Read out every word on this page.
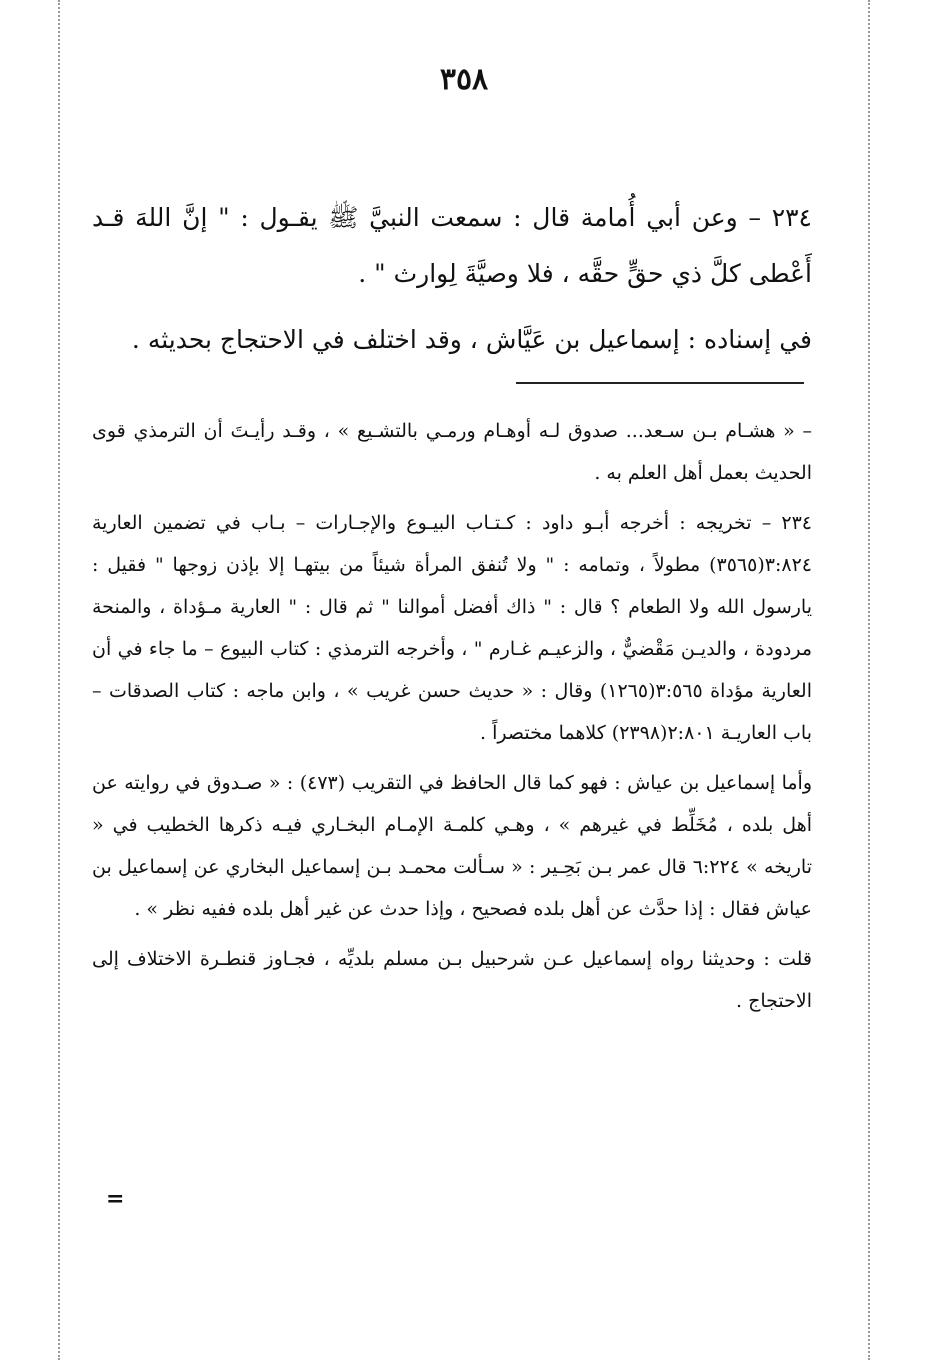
٣٥٨

٢٣٤ – وعن أبي أُمامة قال : سمعت النبيَّ ﷺ يقـول : " إنَّ اللهَ قـد أَعْطى كلَّ ذي حقٍّ حقَّه ، فلا وصيَّةَ لِوارث " .

في إسناده : إسماعيل بن عَيَّاش ، وقد اختلف في الاحتجاج بحديثه .

– « هشـام بـن سـعد... صدوق لـه أوهـام ورمـي بالتشـيع » ، وقـد رأيـتَ أن الترمذي قوى الحديث بعمل أهل العلم به .

٢٣٤ – تخريجه : أخرجه أبـو داود : كـتـاب البيـوع والإجـارات – بـاب في تضمين العارية ٣:٨٢٤(٣٥٦٥) مطولاً ، وتمامه : " ولا تُنفق المرأة شيئاً من بيتهـا إلا بإذن زوجها " فقيل : يارسول الله ولا الطعام ؟ قال : " ذاك أفضل أموالنا " ثم قال : " العارية مـؤداة ، والمنحة مردودة ، والديـن مَقْضيٌّ ، والزعيـم غـارم " ، وأخرجه الترمذي : كتاب البيوع – ما جاء في أن العارية مؤداة ٣:٥٦٥(١٢٦٥) وقال : « حديث حسن غريب » ، وابن ماجه : كتاب الصدقات – باب العاريـة ٢:٨٠١(٢٣٩٨) كلاهما مختصراً .

وأما إسماعيل بن عياش : فهو كما قال الحافظ في التقريب (٤٧٣) : « صـدوق في روايته عن أهل بلده ، مُخَلِّط في غيرهم » ، وهـي كلمـة الإمـام البخـاري فيـه ذكرها الخطيب في « تاريخه » ٦:٢٢٤ قال عمر بـن بَحِـير : « سـألت محمـد بـن إسماعيل البخاري عن إسماعيل بن عياش فقال : إذا حدَّث عن أهل بلده فصحيح ، وإذا حدث عن غير أهل بلده ففيه نظر » .

قلت : وحديثنا رواه إسماعيل عـن شرحبيل بـن مسلم بلديِّه ، فجـاوز قنطـرة الاختلاف إلى الاحتجاج .

=
